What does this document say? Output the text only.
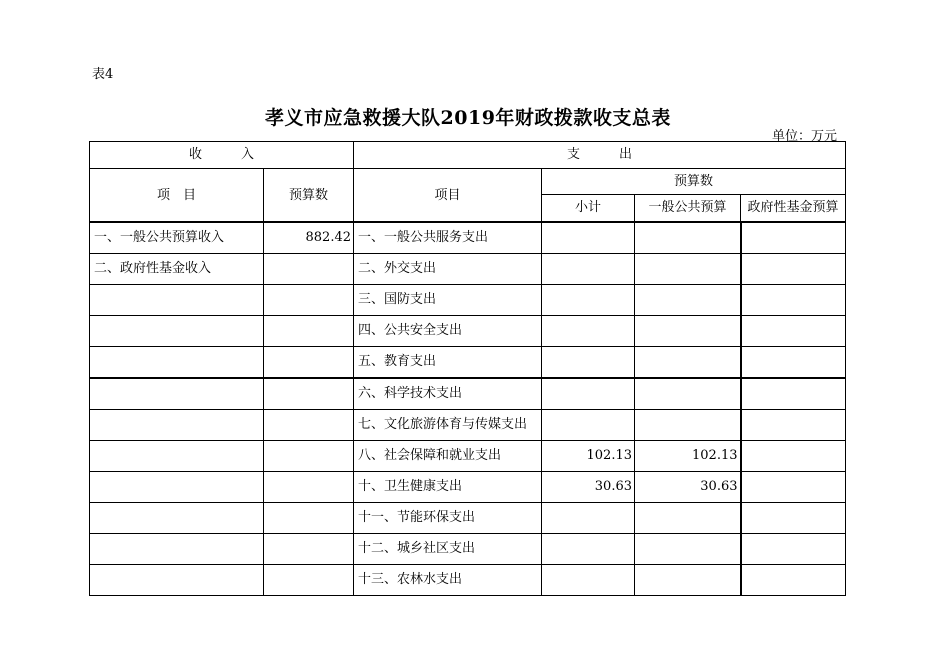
表4
孝义市应急救援大队2019年财政拨款收支总表
单位：万元
收　　　入		支　　　出			
项　目	预算数	项目	预算数		
			小计	一般公共预算	政府性基金预算
一、一般公共预算收入	882.42	一、一般公共服务支出			
二、政府性基金收入		二、外交支出			
		三、国防支出			
		四、公共安全支出			
		五、教育支出			
		六、科学技术支出			
		七、文化旅游体育与传媒支出			
		八、社会保障和就业支出	102.13	102.13	
		十、卫生健康支出	30.63	30.63	
		十一、节能环保支出			
		十二、城乡社区支出			
		十三、农林水支出			
